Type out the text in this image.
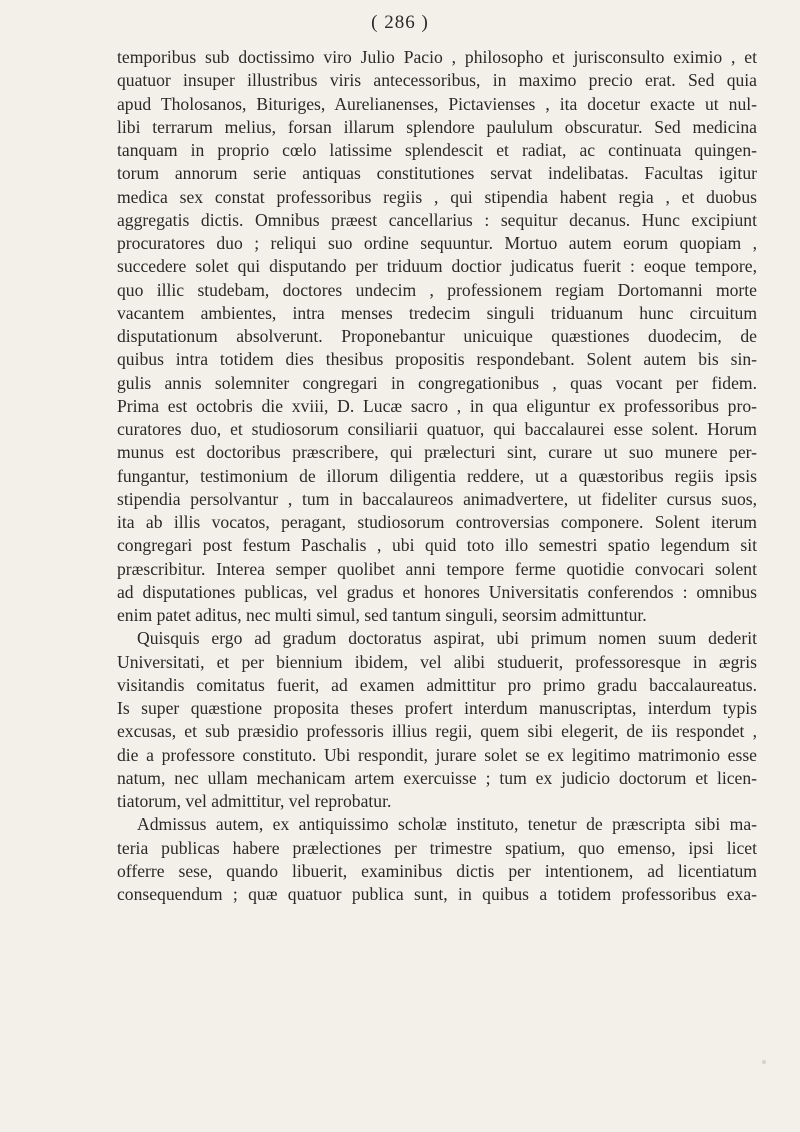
( 286 )
temporibus sub doctissimo viro Julio Pacio , philosopho et jurisconsulto eximio , et
quatuor insuper illustribus viris antecessoribus, in maximo precio erat. Sed quia
apud Tholosanos, Bituriges, Aurelianenses, Pictavienses , ita docetur exacte ut nul-
libi terrarum melius, forsan illarum splendore paululum obscuratur. Sed medicina
tanquam in proprio cœlo latissime splendescit et radiat, ac continuata quingen-
torum annorum serie antiquas constitutiones servat indelibatas. Facultas igitur
medica sex constat professoribus regiis , qui stipendia habent regia , et duobus
aggregatis dictis. Omnibus præest cancellarius : sequitur decanus. Hunc excipiunt
procuratores duo ; reliqui suo ordine sequuntur. Mortuo autem eorum quopiam ,
succedere solet qui disputando per triduum doctior judicatus fuerit : eoque tempore,
quo illic studebam, doctores undecim , professionem regiam Dortomanni morte
vacantem ambientes, intra menses tredecim singuli triduanum hunc circuitum
disputationum absolverunt. Proponebantur unicuique quæstiones duodecim, de
quibus intra totidem dies thesibus propositis respondebant. Solent autem bis sin-
gulis annis solemniter congregari in congregationibus , quas vocant per fidem.
Prima est octobris die xviii, D. Lucæ sacro , in qua eliguntur ex professoribus pro-
curatores duo, et studiosorum consiliarii quatuor, qui baccalaurei esse solent. Horum
munus est doctoribus præscribere, qui prælecturi sint, curare ut suo munere per-
fungantur, testimonium de illorum diligentia reddere, ut a quæstoribus regiis ipsis
stipendia persolvantur , tum in baccalaureos animadvertere, ut fideliter cursus suos,
ita ab illis vocatos, peragant, studiosorum controversias componere. Solent iterum
congregari post festum Paschalis , ubi quid toto illo semestri spatio legendum sit
præscribitur. Interea semper quolibet anni tempore ferme quotidie convocari solent
ad disputationes publicas, vel gradus et honores Universitatis conferendos : omnibus
enim patet aditus, nec multi simul, sed tantum singuli, seorsim admittuntur.
Quisquis ergo ad gradum doctoratus aspirat, ubi primum nomen suum dederit
Universitati, et per biennium ibidem, vel alibi studuerit, professoresque in ægris
visitandis comitatus fuerit, ad examen admittitur pro primo gradu baccalaureatus.
Is super quæstione proposita theses profert interdum manuscriptas, interdum typis
excusas, et sub præsidio professoris illius regii, quem sibi elegerit, de iis respondet ,
die a professore constituto. Ubi respondit, jurare solet se ex legitimo matrimonio esse
natum, nec ullam mechanicam artem exercuisse ; tum ex judicio doctorum et licen-
tiatorum, vel admittitur, vel reprobatur.
Admissus autem, ex antiquissimo scholæ instituto, tenetur de præscripta sibi ma-
teria publicas habere prælectiones per trimestre spatium, quo emenso, ipsi licet
offerre sese, quando libuerit, examinibus dictis per intentionem, ad licentiatum
consequendum ; quæ quatuor publica sunt, in quibus a totidem professoribus exa-
